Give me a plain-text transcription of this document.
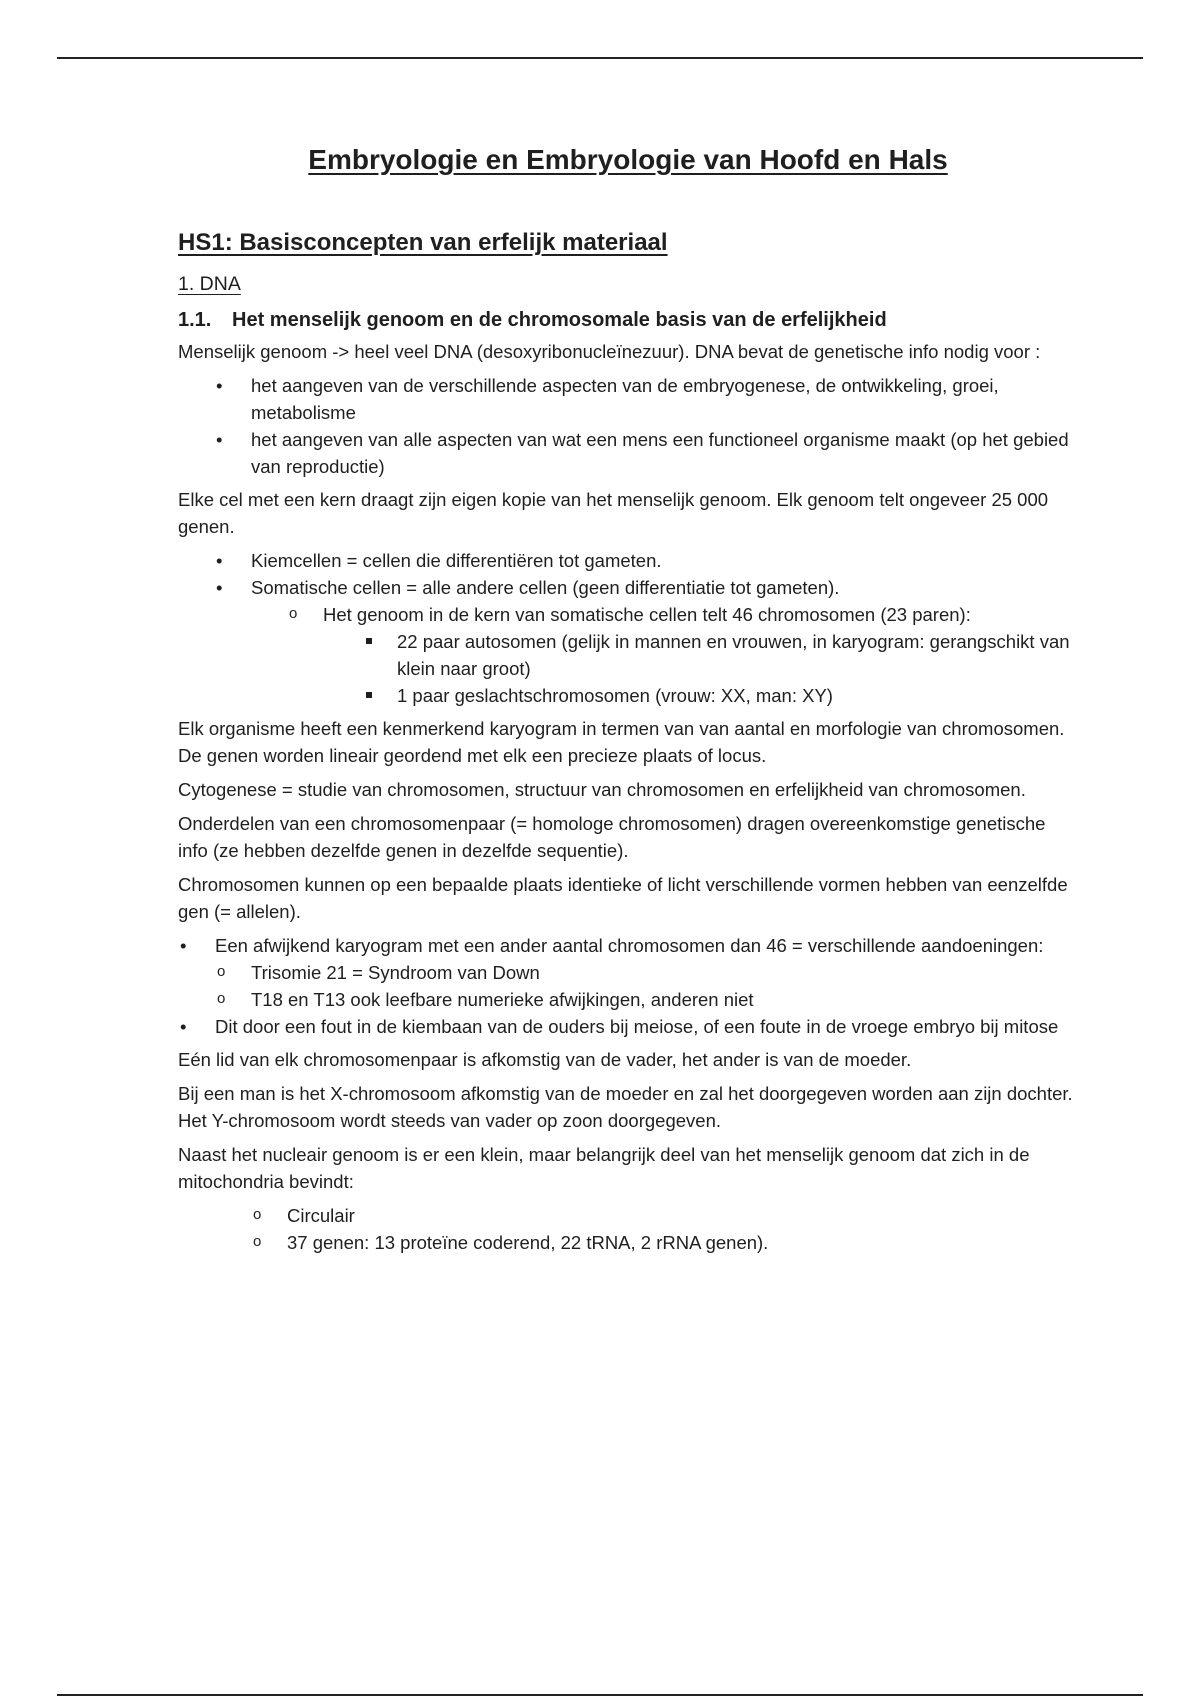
Embryologie en Embryologie van Hoofd en Hals
HS1: Basisconcepten van erfelijk materiaal
1. DNA
1.1. Het menselijk genoom en de chromosomale basis van de erfelijkheid

Menselijk genoom -> heel veel DNA (desoxyribonucleïnezuur). DNA bevat de genetische info nodig voor :

• het aangeven van de verschillende aspecten van de embryogenese, de ontwikkeling, groei, metabolisme
• het aangeven van alle aspecten van wat een mens een functioneel organisme maakt (op het gebied van reproductie)

Elke cel met een kern draagt zijn eigen kopie van het menselijk genoom. Elk genoom telt ongeveer 25 000 genen.

• Kiemcellen = cellen die differentiëren tot gameten.
• Somatische cellen = alle andere cellen (geen differentiatie tot gameten).
o Het genoom in de kern van somatische cellen telt 46 chromosomen (23 paren):
22 paar autosomen (gelijk in mannen en vrouwen, in karyogram: gerangschikt van klein naar groot)
1 paar geslachtschromosomen (vrouw: XX, man: XY)

Elk organisme heeft een kenmerkend karyogram in termen van van aantal en morfologie van chromosomen. De genen worden lineair geordend met elk een precieze plaats of locus.

Cytogenese = studie van chromosomen, structuur van chromosomen en erfelijkheid van chromosomen.

Onderdelen van een chromosomenpaar (= homologe chromosomen) dragen overeenkomstige genetische info (ze hebben dezelfde genen in dezelfde sequentie).

Chromosomen kunnen op een bepaalde plaats identieke of licht verschillende vormen hebben van eenzelfde gen (= allelen).

• Een afwijkend karyogram met een ander aantal chromosomen dan 46 = verschillende aandoeningen:
o Trisomie 21 = Syndroom van Down
o T18 en T13 ook leefbare numerieke afwijkingen, anderen niet
• Dit door een fout in de kiembaan van de ouders bij meiose, of een foute in de vroege embryo bij mitose

Eén lid van elk chromosomenpaar is afkomstig van de vader, het ander is van de moeder.

Bij een man is het X-chromosoom afkomstig van de moeder en zal het doorgegeven worden aan zijn dochter. Het Y-chromosoom wordt steeds van vader op zoon doorgegeven.

Naast het nucleair genoom is er een klein, maar belangrijk deel van het menselijk genoom dat zich in de mitochondria bevindt:

o Circulair
o 37 genen: 13 proteïne coderend, 22 tRNA, 2 rRNA genen).
